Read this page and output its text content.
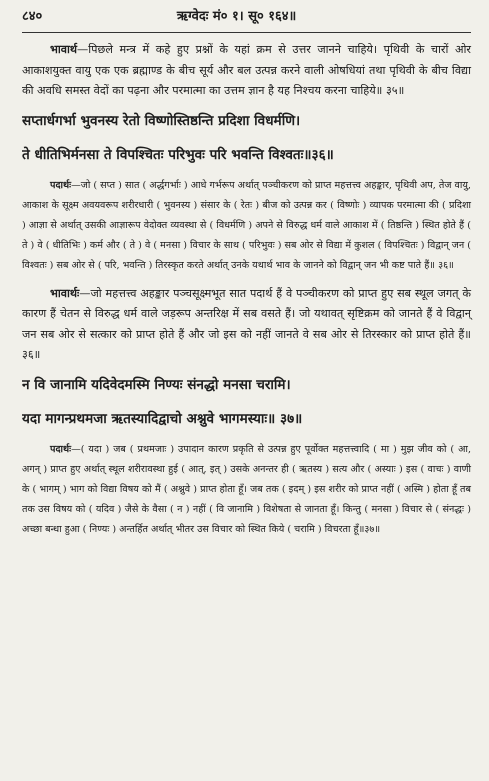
८४०	ऋग्वेदः मं० १। सू० १६४॥

भावार्थ—पिछले मन्त्र में कहे हुए प्रश्नों के यहां क्रम से उत्तर जानने चाहिये। पृथिवी के चारों ओर आकाशयुक्त वायु एक एक ब्रह्माण्ड के बीच सूर्य और बल उत्पन्न करने वाली ओषधियां तथा पृथिवी के बीच विद्या की अवधि समस्त वेदों का पढ़ना और परमात्मा का उत्तम ज्ञान है यह निश्चय करना चाहिये॥ ३५॥

सप्तार्धगर्भा भुवनस्य रेतो विष्णोस्तिष्ठन्ति प्रदिशा विधर्मणि।
ते धीतिभिर्मनसा ते विपश्चितः परिभुवः परि भवन्ति विश्वतः॥३६॥

पदार्थः—जो ( सप्त ) सात ( अर्द्धगर्भाः ) आधे गर्भरूप अर्थात् पञ्चीकरण को प्राप्त महत्तत्त्व अहङ्कार, पृथिवी अप, तेज वायु, आकाश के सूक्ष्म अवयवरूप शरीरधारी ( भुवनस्य ) संसार के ( रेतः ) बीज को उत्पन्न कर ( विष्णोः ) व्यापक परमात्मा की ( प्रदिशा ) आज्ञा से अर्थात् उसकी आज्ञारूप वेदोक्त व्यवस्था से ( विधर्मणि ) अपने से विरुद्ध धर्म वाले आकाश में ( तिष्ठन्ति ) स्थित होते हैं ( ते ) वे ( धीतिभिः ) कर्म और ( ते ) वे ( मनसा ) विचार के साथ ( परिभुवः ) सब ओर से विद्या में कुशल ( विपश्चितः ) विद्वान् जन ( विश्वतः ) सब ओर से ( परि, भवन्ति ) तिरस्कृत करते अर्थात् उनके यथार्थ भाव के जानने को विद्वान् जन भी कष्ट पाते हैं॥ ३६॥

भावार्थः—जो महत्तत्त्व अहङ्कार पञ्चसूक्ष्मभूत सात पदार्थ हैं वे पञ्चीकरण को प्राप्त हुए सब स्थूल जगत् के कारण हैं चेतन से विरुद्ध धर्म वाले जड़रूप अन्तरिक्ष में सब वसते हैं। जो यथावत् सृष्टिक्रम को जानते हैं वे विद्वान् जन सब ओर से सत्कार को प्राप्त होते हैं और जो इस को नहीं जानते वे सब ओर से तिरस्कार को प्राप्त होते हैं॥ ३६॥

न वि जानामि यदिवेदमस्मि निण्यः संनद्धो मनसा चरामि।
यदा मागन्प्रथमजा ऋतस्यादिद्वाचो अश्नुवे भागमस्याः॥ ३७॥

पदार्थः—( यदा ) जब ( प्रथमजाः ) उपादान कारण प्रकृति से उत्पन्न हुए पूर्वोक्त महत्तत्त्वादि ( मा ) मुझ जीव को ( आ, अगन् ) प्राप्त हुए अर्थात् स्थूल शरीरावस्था हुई ( आत्, इत् ) उसके अनन्तर ही ( ऋतस्य ) सत्य और ( अस्याः ) इस ( वाचः ) वाणी के ( भागम् ) भाग को विद्या विषय को मैं ( अश्नुवे ) प्राप्त होता हूँ। जब तक ( इदम् ) इस शरीर को प्राप्त नहीं ( अस्मि ) होता हूँ तब तक उस विषय को ( यदिव ) जैसे के वैसा ( न ) नहीं ( वि जानामि ) विशेषता से जानता हूँ। किन्तु ( मनसा ) विचार से ( संनद्धः ) अच्छा बन्धा हुआ ( निण्यः ) अन्तर्हित अर्थात् भीतर उस विचार को स्थित किये ( चरामि ) विचरता हूँ॥३७॥
